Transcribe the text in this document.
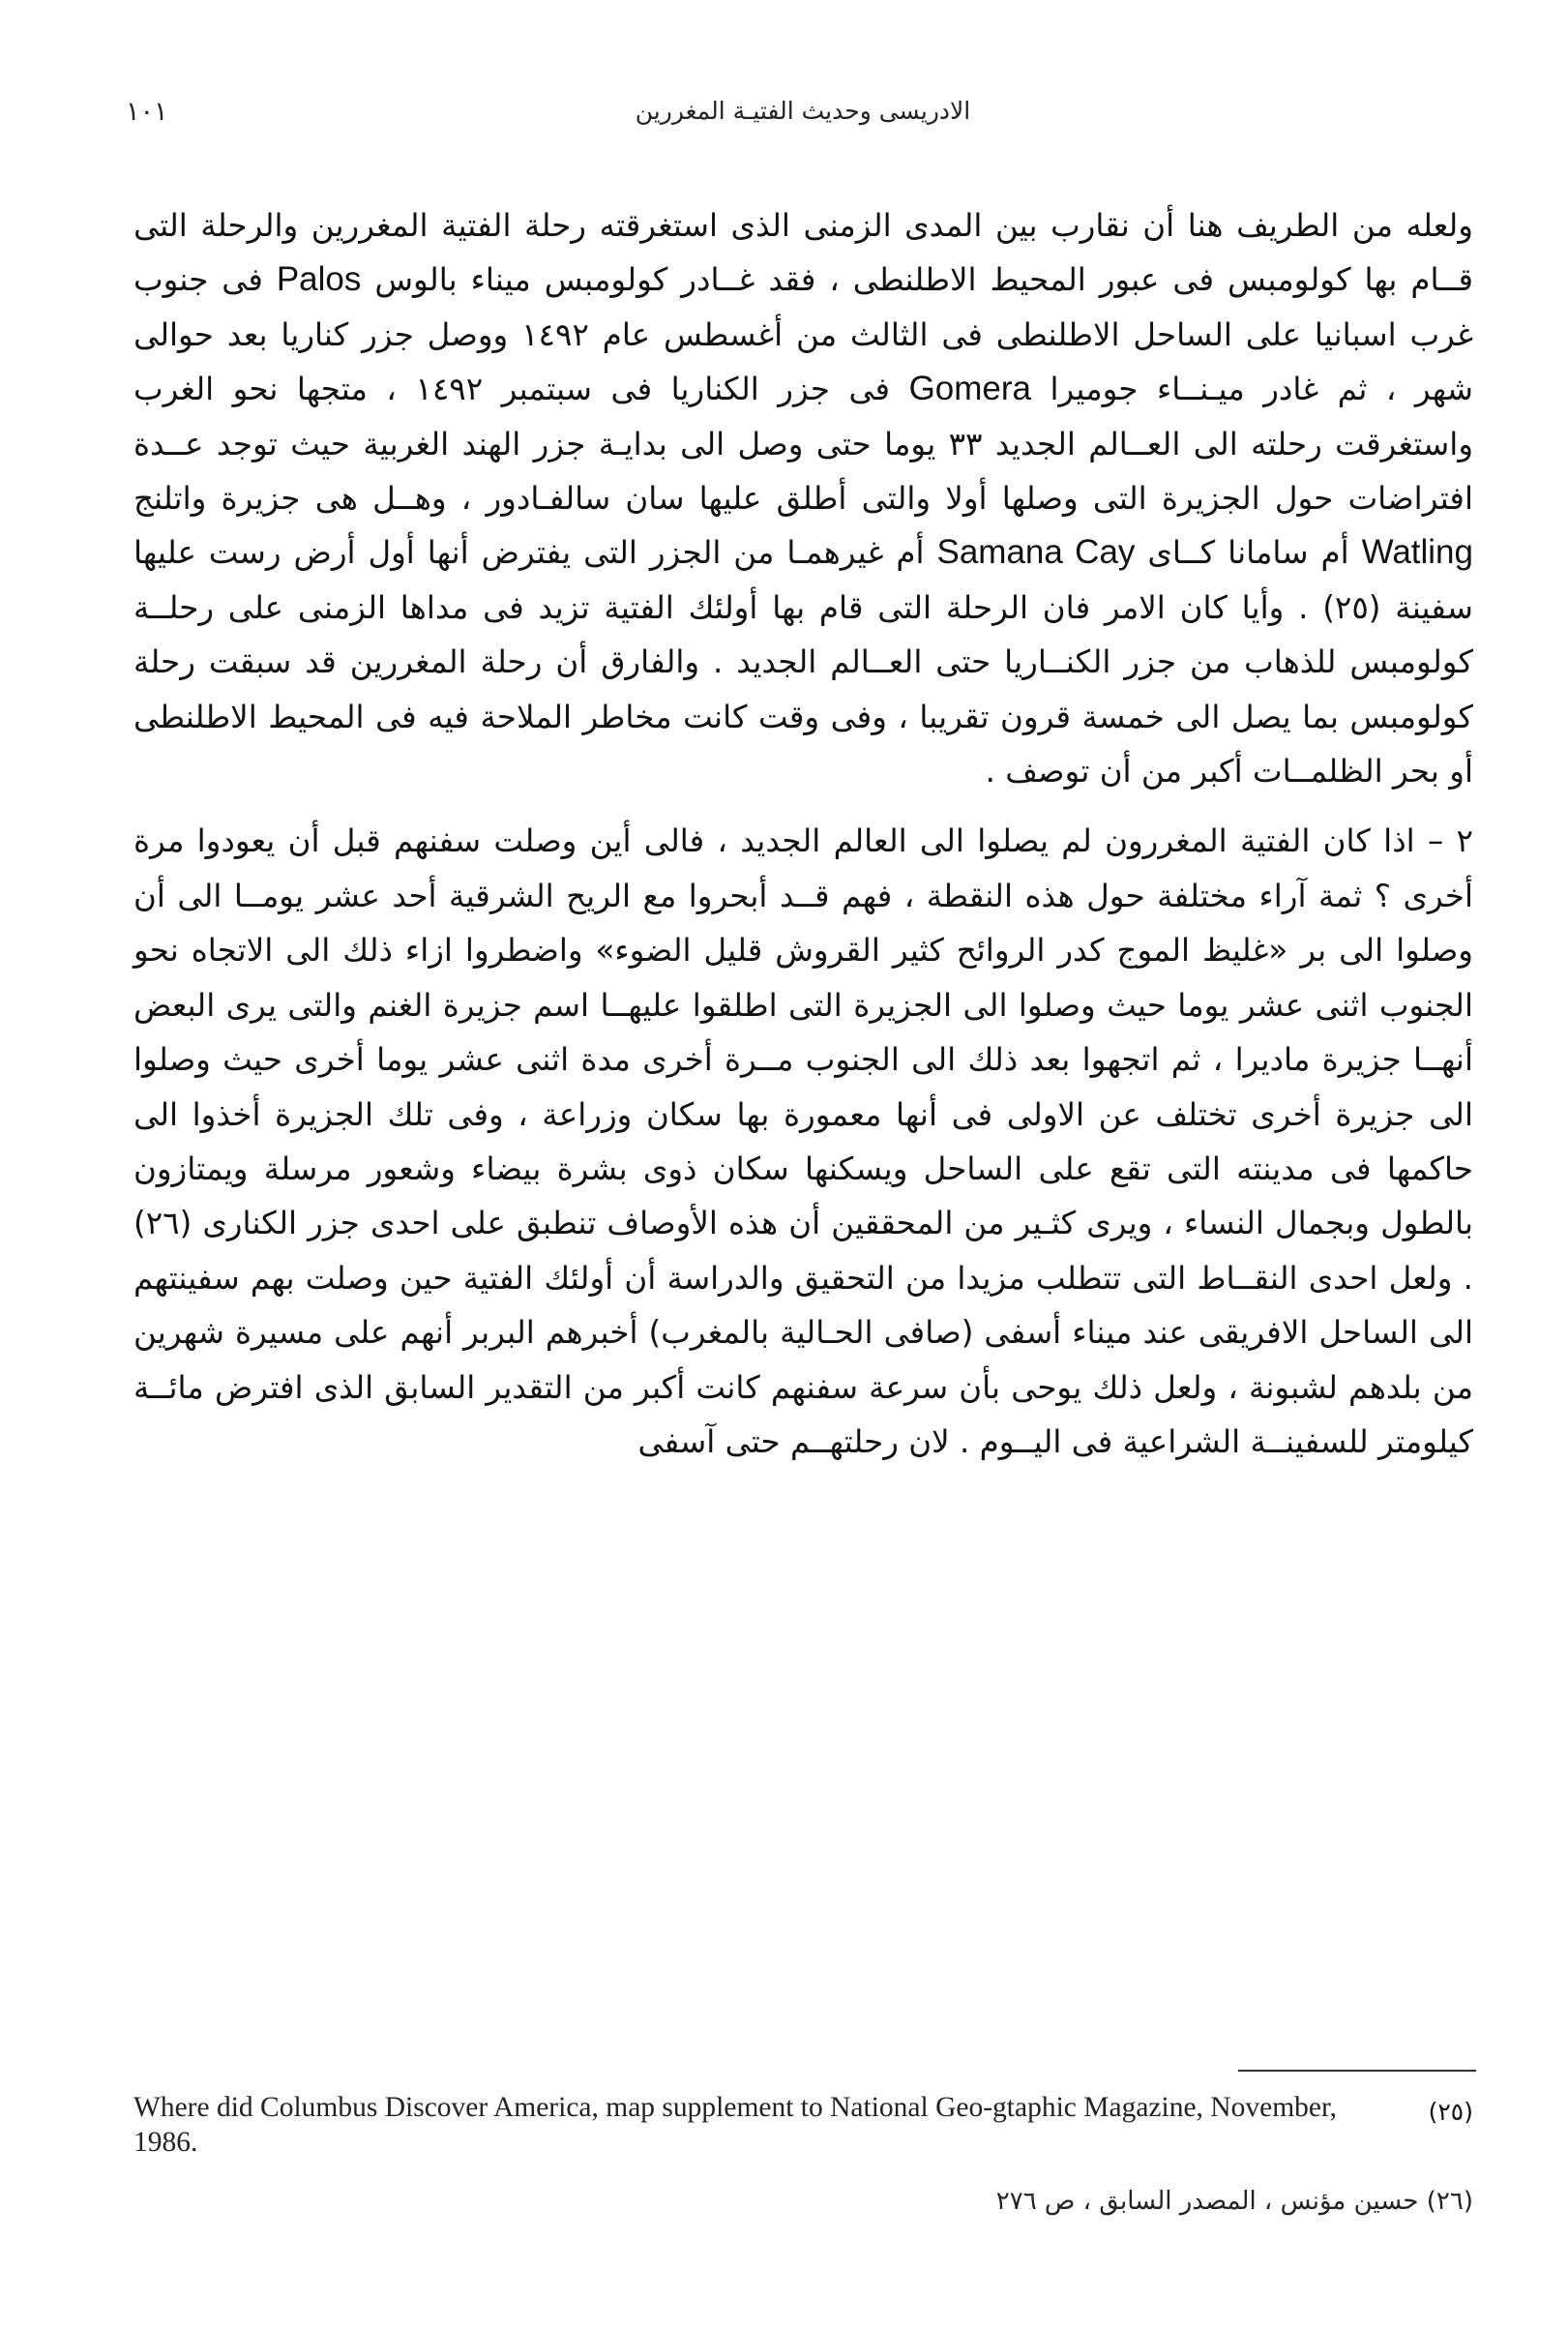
الادريسى وحديث الفتيـة المغررين
١٠١

ولعله من الطريف هنا أن نقارب بين المدى الزمنى الذى استغرقته رحلة الفتية المغررين والرحلة التى قــام بها كولومبس فى عبور المحيط الاطلنطى ، فقد غــادر كولومبس ميناء بالوس Palos فى جنوب غرب اسبانيا على الساحل الاطلنطى فى الثالث من أغسطس عام ١٤٩٢ ووصل جزر كناريا بعد حوالى شهر ، ثم غادر ميـنــاء جوميرا Gomera فى جزر الكناريا فى سبتمبر ١٤٩٢ ، متجها نحو الغرب واستغرقت رحلته الى العــالم الجديد ٣٣ يوما حتى وصل الى بدايـة جزر الهند الغربية حيث توجد عــدة افتراضات حول الجزيرة التى وصلها أولا والتى أطلق عليها سان سالفـادور ، وهــل هى جزيرة واتلنج Watling أم سامانا كــاى Samana Cay أم غيرهمـا من الجزر التى يفترض أنها أول أرض رست عليها سفينة (٢٥) . وأيا كان الامر فان الرحلة التى قام بها أولئك الفتية تزيد فى مداها الزمنى على رحلــة كولومبس للذهاب من جزر الكنــاريا حتى العــالم الجديد . والفارق أن رحلة المغررين قد سبقت رحلة كولومبس بما يصل الى خمسة قرون تقريبا ، وفى وقت كانت مخاطر الملاحة فيه فى المحيط الاطلنطى أو بحر الظلمــات أكبر من أن توصف .

٢ – اذا كان الفتية المغررون لم يصلوا الى العالم الجديد ، فالى أين وصلت سفنهم قبل أن يعودوا مرة أخرى ؟ ثمة آراء مختلفة حول هذه النقطة ، فهم قــد أبحروا مع الريح الشرقية أحد عشر يومــا الى أن وصلوا الى بر «غليظ الموج كدر الروائح كثير القروش قليل الضوء» واضطروا ازاء ذلك الى الاتجاه نحو الجنوب اثنى عشر يوما حيث وصلوا الى الجزيرة التى اطلقوا عليهــا اسم جزيرة الغنم والتى يرى البعض أنهــا جزيرة ماديرا ، ثم اتجهوا بعد ذلك الى الجنوب مــرة أخرى مدة اثنى عشر يوما أخرى حيث وصلوا الى جزيرة أخرى تختلف عن الاولى فى أنها معمورة بها سكان وزراعة ، وفى تلك الجزيرة أخذوا الى حاكمها فى مدينته التى تقع على الساحل ويسكنها سكان ذوى بشرة بيضاء وشعور مرسلة ويمتازون بالطول وبجمال النساء ، ويرى كثـير من المحققين أن هذه الأوصاف تنطبق على احدى جزر الكنارى (٢٦) . ولعل احدى النقــاط التى تتطلب مزيدا من التحقيق والدراسة أن أولئك الفتية حين وصلت بهم سفينتهم الى الساحل الافريقى عند ميناء أسفى (صافى الحـالية بالمغرب) أخبرهم البربر أنهم على مسيرة شهرين من بلدهم لشبونة ، ولعل ذلك يوحى بأن سرعة سفنهم كانت أكبر من التقدير السابق الذى افترض مائــة كيلومتر للسفينــة الشراعية فى اليــوم . لان رحلتهــم حتى آسفى

(٢٥)
Where did Columbus Discover America, map supplement to National Geo-gtaphic Magazine, November, 1986.
(٢٦) حسين مؤنس ، المصدر السابق ، ص ٢٧٦
